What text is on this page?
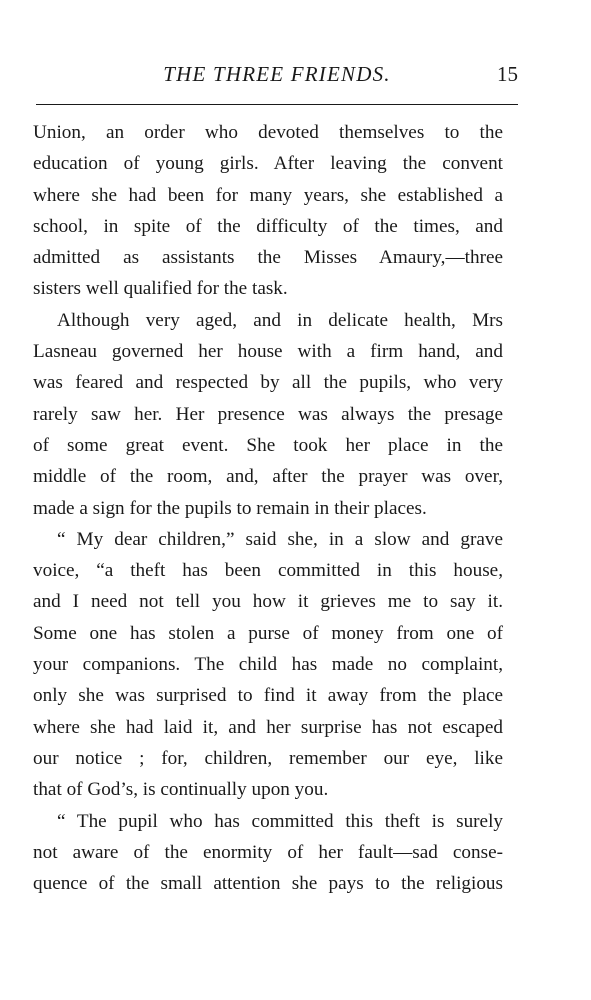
THE THREE FRIENDS.	15
Union, an order who devoted themselves to the
education of young girls. After leaving the convent
where she had been for many years, she established a
school, in spite of the difficulty of the times, and
admitted as assistants the Misses Amaury,—three
sisters well qualified for the task.
Although very aged, and in delicate health, Mrs
Lasneau governed her house with a firm hand, and
was feared and respected by all the pupils, who very
rarely saw her. Her presence was always the presage
of some great event. She took her place in the
middle of the room, and, after the prayer was over,
made a sign for the pupils to remain in their places.
“ My dear children,” said she, in a slow and grave
voice, “a theft has been committed in this house,
and I need not tell you how it grieves me to say it.
Some one has stolen a purse of money from one of
your companions. The child has made no complaint,
only she was surprised to find it away from the place
where she had laid it, and her surprise has not escaped
our notice ; for, children, remember our eye, like
that of God’s, is continually upon you.
“ The pupil who has committed this theft is surely
not aware of the enormity of her fault—sad conse-
quence of the small attention she pays to the religious
